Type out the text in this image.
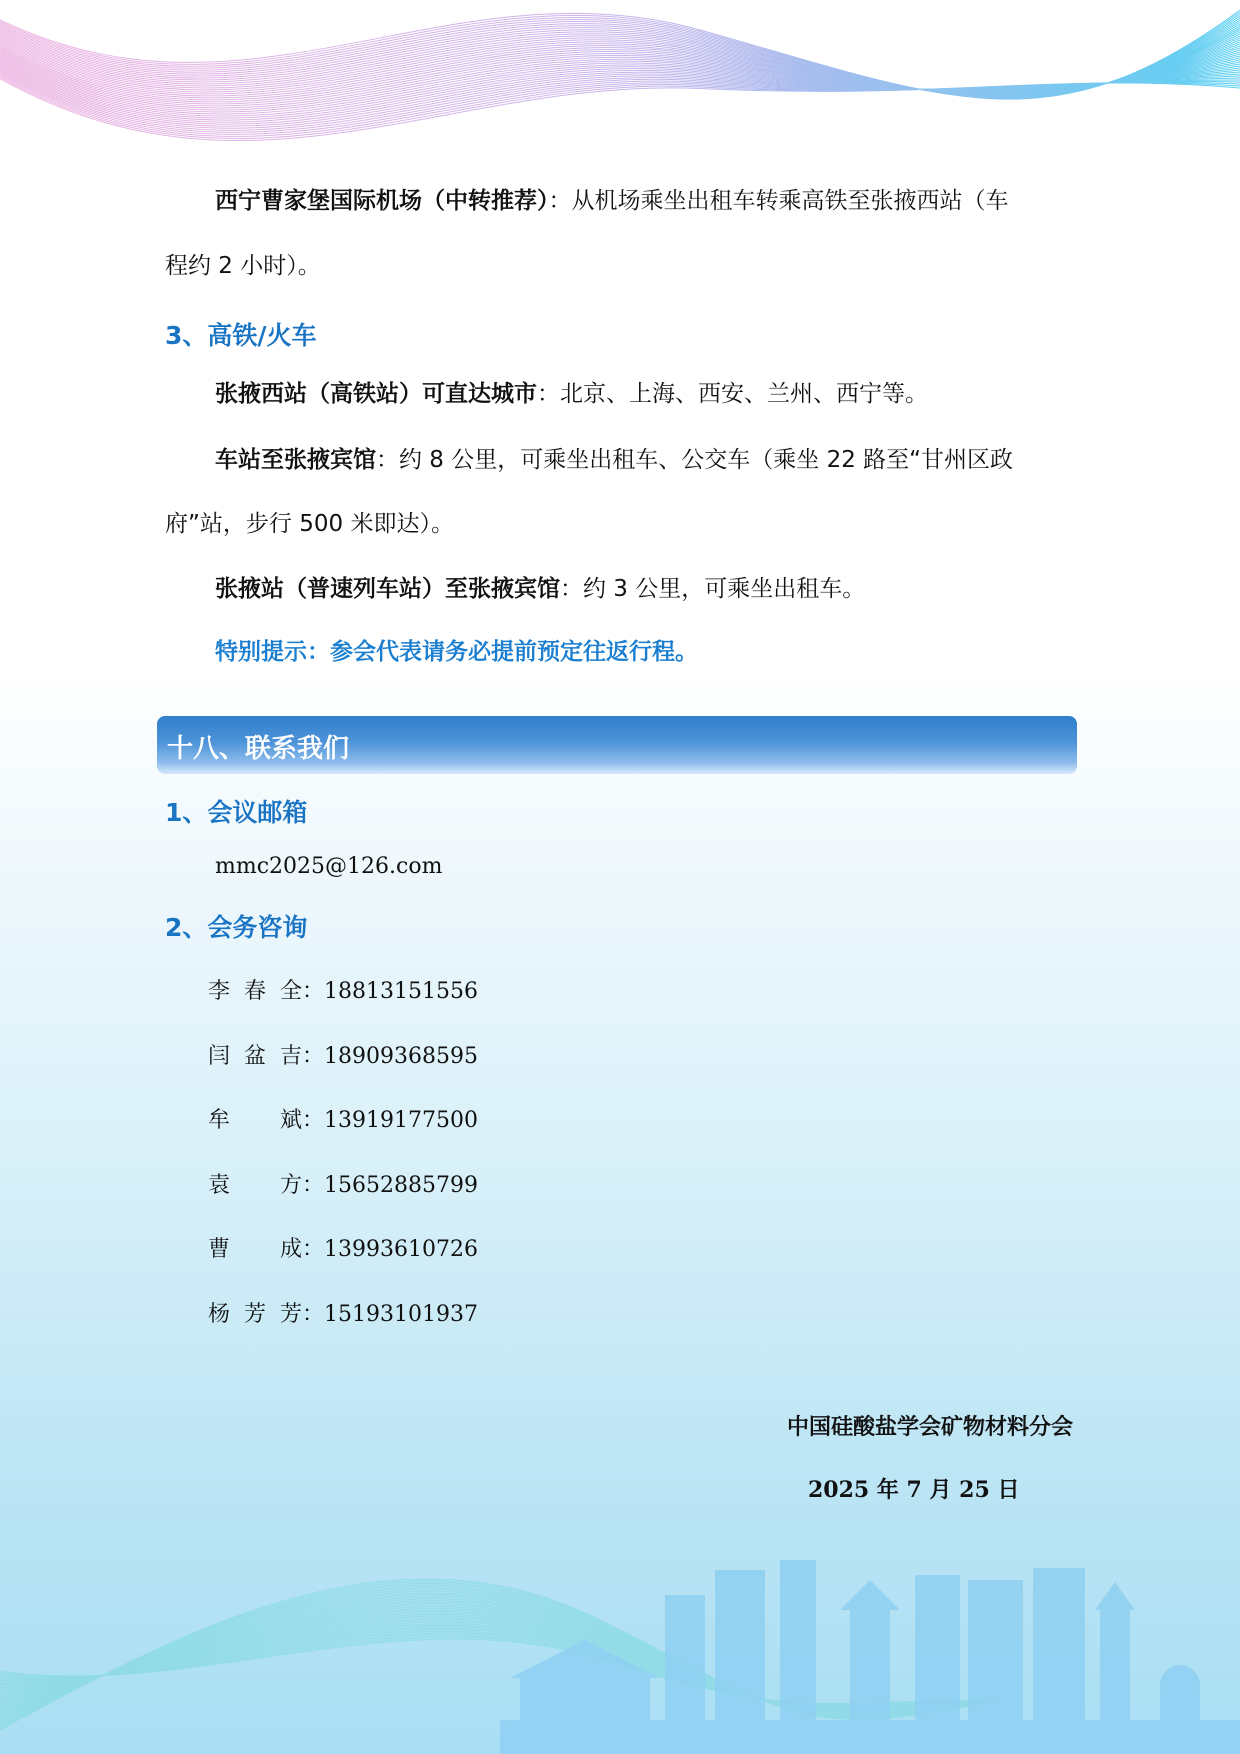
西宁曹家堡国际机场（中转推荐）：从机场乘坐出租车转乘高铁至张掖西站（车
程约 2 小时）。
3、高铁/火车
张掖西站（高铁站）可直达城市：北京、上海、西安、兰州、西宁等。
车站至张掖宾馆：约 8 公里，可乘坐出租车、公交车（乘坐 22 路至“甘州区政
府”站，步行 500 米即达）。
张掖站（普速列车站）至张掖宾馆：约 3 公里，可乘坐出租车。
特别提示：参会代表请务必提前预定往返行程。
十八、联系我们
1、会议邮箱
mmc2025@126.com
2、会务咨询
李春全：18813151556
闫盆吉：18909368595
牟斌：13919177500
袁方：15652885799
曹成：13993610726
杨芳芳：15193101937
中国硅酸盐学会矿物材料分会
2025 年 7 月 25 日
